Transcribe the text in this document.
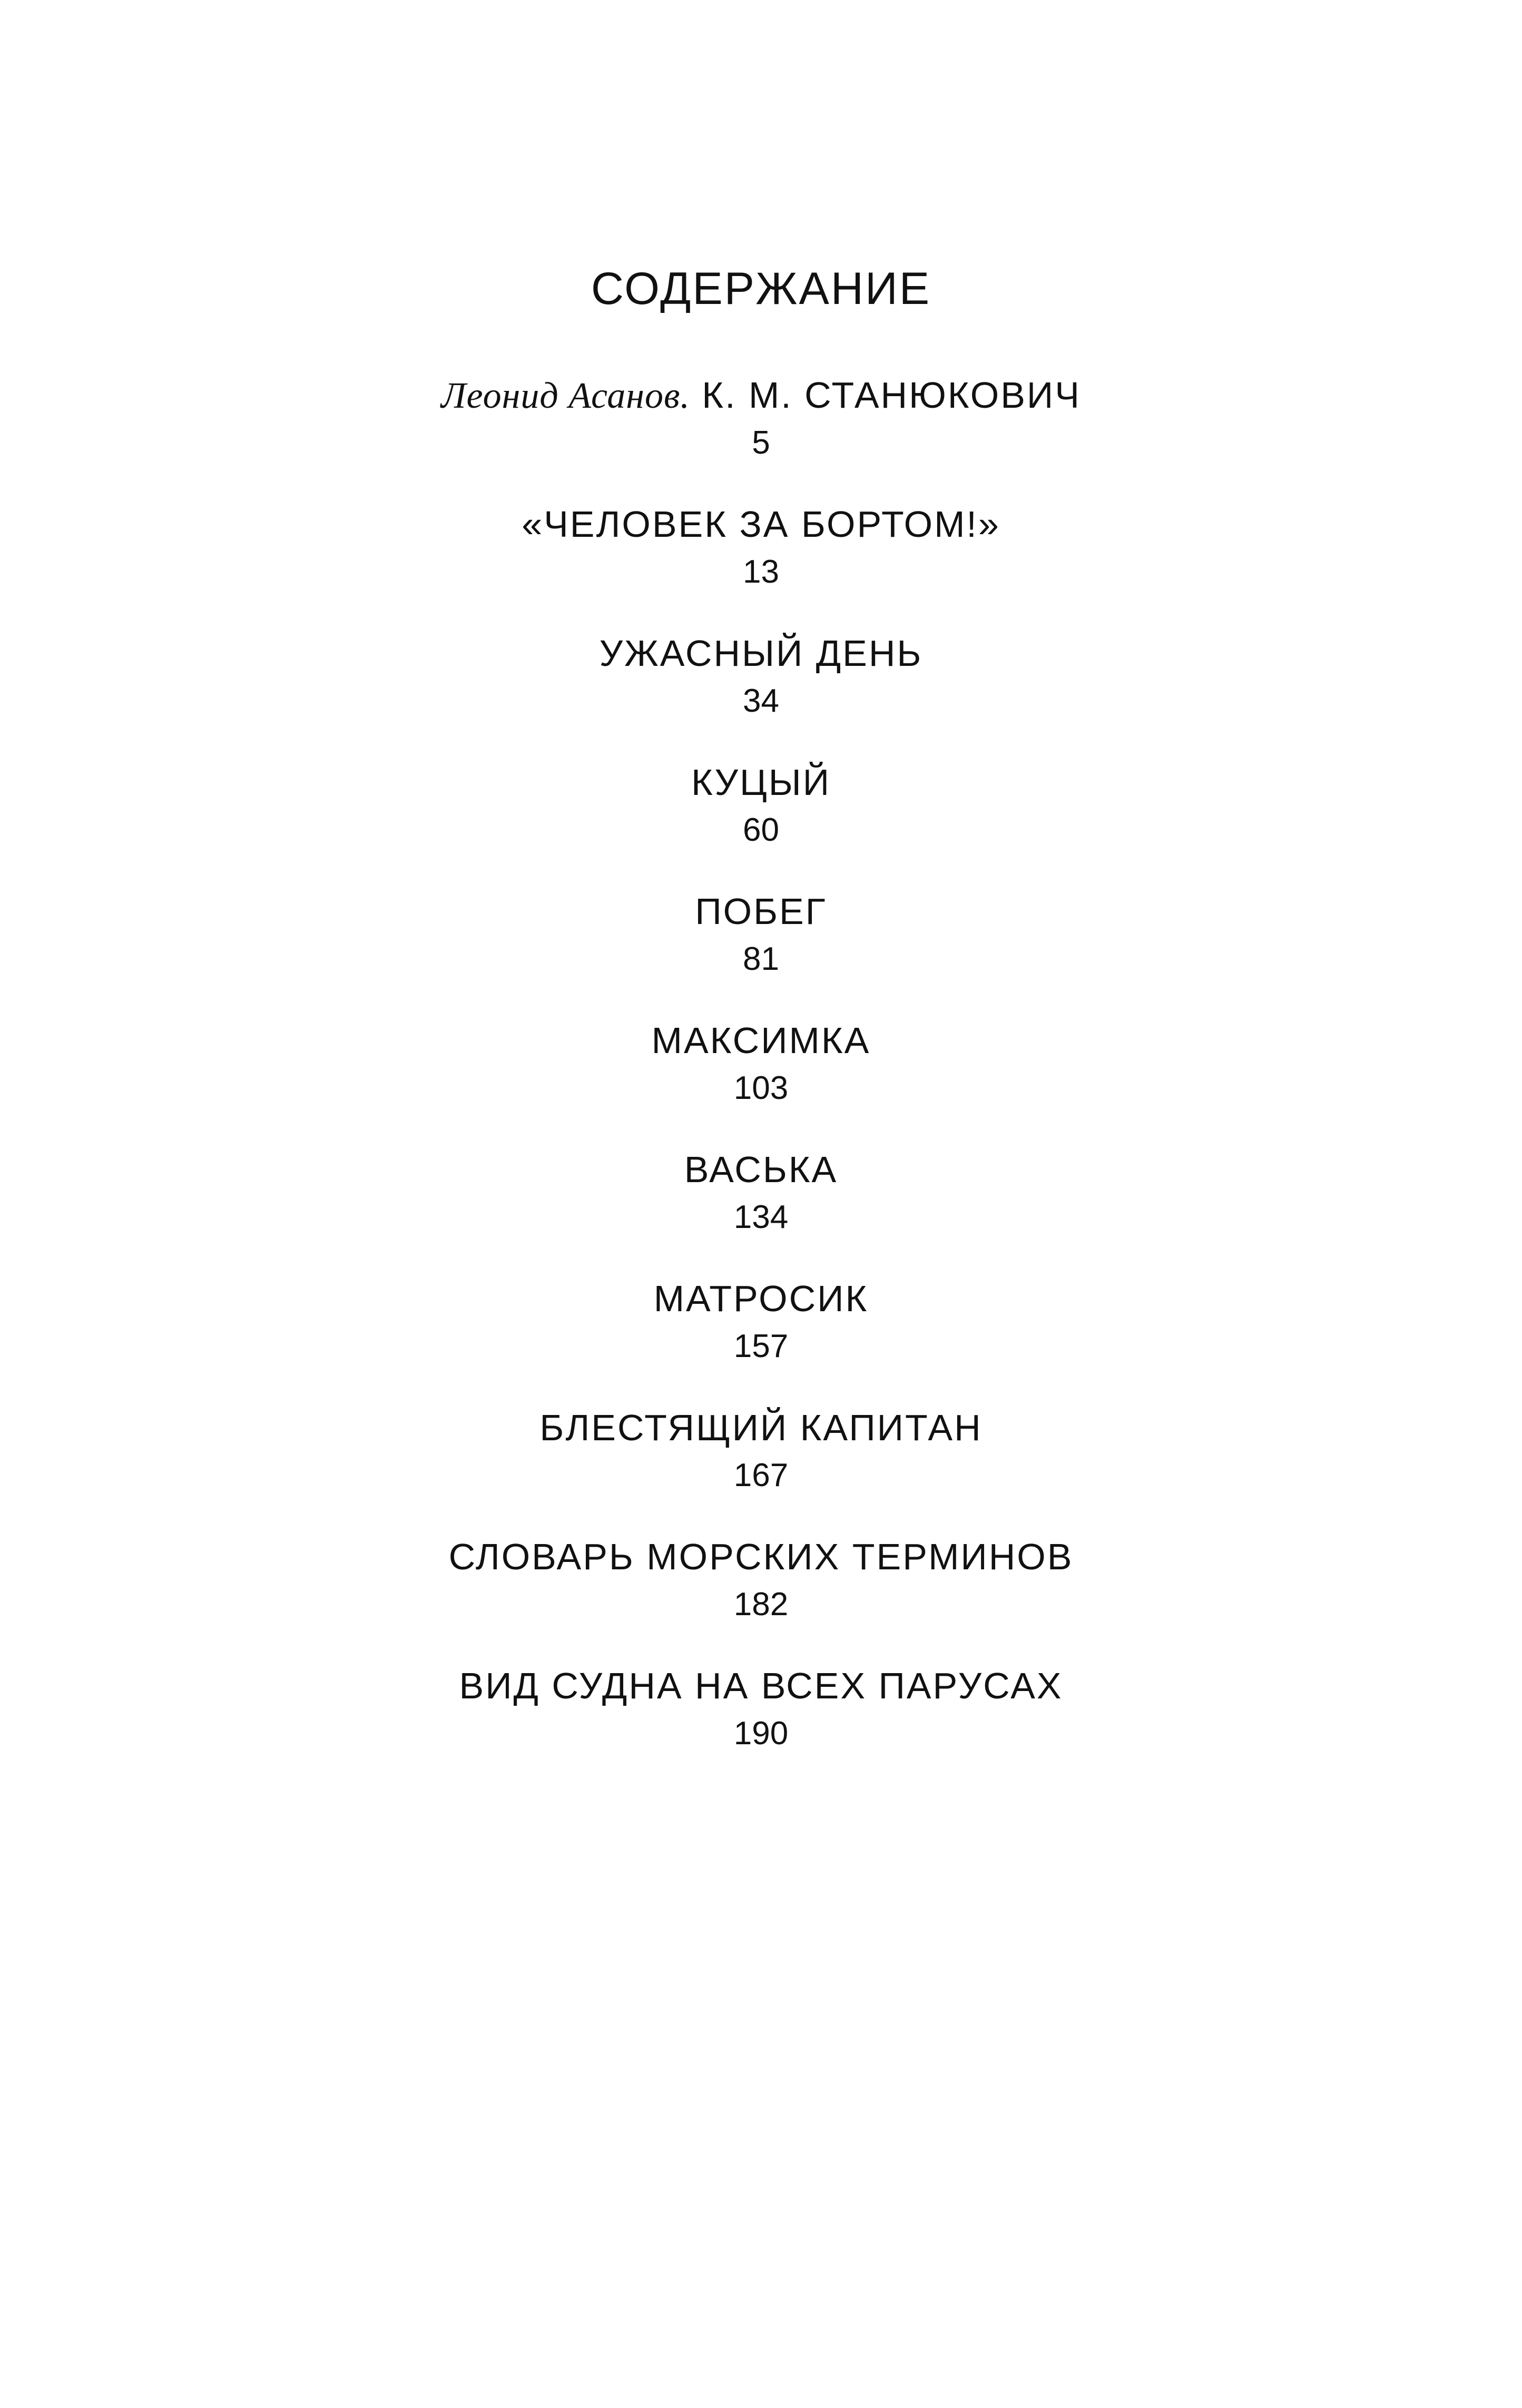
СОДЕРЖАНИЕ
Леонид Асанов. К. М. СТАНЮКОВИЧ
5
«ЧЕЛОВЕК ЗА БОРТОМ!»
13
УЖАСНЫЙ ДЕНЬ
34
КУЦЫЙ
60
ПОБЕГ
81
МАКСИМКА
103
ВАСЬКА
134
МАТРОСИК
157
БЛЕСТЯЩИЙ КАПИТАН
167
СЛОВАРЬ МОРСКИХ ТЕРМИНОВ
182
ВИД СУДНА НА ВСЕХ ПАРУСАХ
190
